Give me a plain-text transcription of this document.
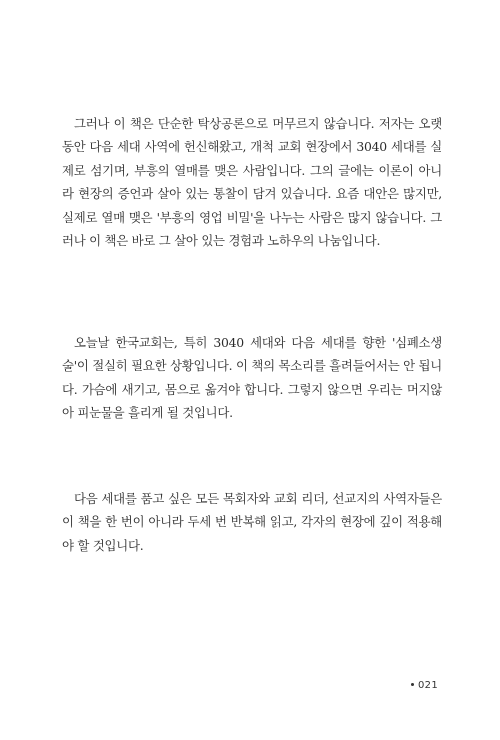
그러나 이 책은 단순한 탁상공론으로 머무르지 않습니다. 저자는 오랫동안 다음 세대 사역에 헌신해왔고, 개척 교회 현장에서 3040 세대를 실제로 섬기며, 부흥의 열매를 맺은 사람입니다. 그의 글에는 이론이 아니라 현장의 증언과 살아 있는 통찰이 담겨 있습니다. 요즘 대안은 많지만, 실제로 열매 맺은 '부흥의 영업 비밀'을 나누는 사람은 많지 않습니다. 그러나 이 책은 바로 그 살아 있는 경험과 노하우의 나눔입니다.

오늘날 한국교회는, 특히 3040 세대와 다음 세대를 향한 '심폐소생술'이 절실히 필요한 상황입니다. 이 책의 목소리를 흘려들어서는 안 됩니다. 가슴에 새기고, 몸으로 옮겨야 합니다. 그렇지 않으면 우리는 머지않아 피눈물을 흘리게 될 것입니다.

다음 세대를 품고 싶은 모든 목회자와 교회 리더, 선교지의 사역자들은 이 책을 한 번이 아니라 두세 번 반복해 읽고, 각자의 현장에 깊이 적용해야 할 것입니다.

021
